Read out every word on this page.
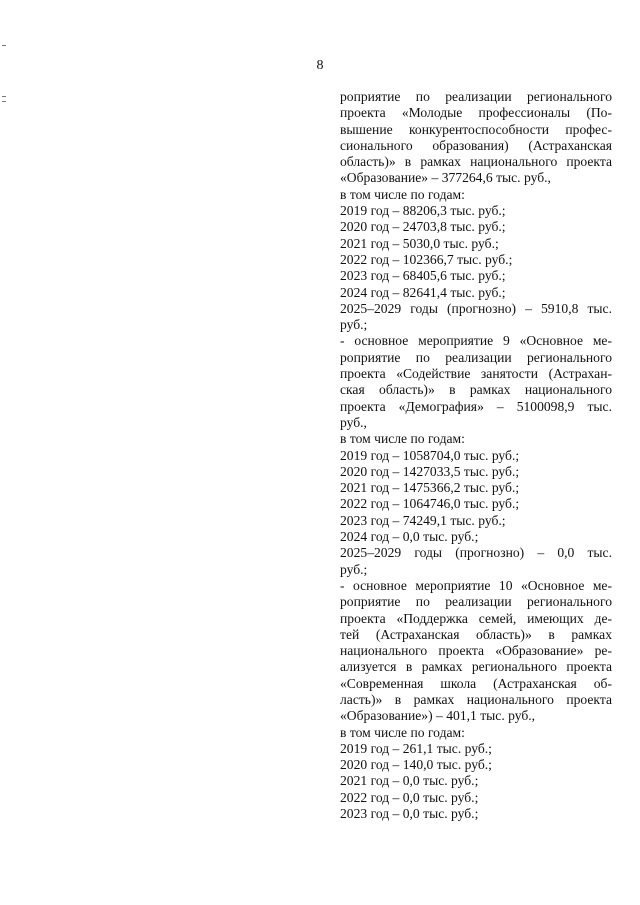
8
роприятие по реализации регионального
проекта «Молодые профессионалы (По-
вышение конкурентоспособности профес-
сионального образования) (Астраханская
область)» в рамках национального проекта
«Образование» – 377264,6 тыс. руб.,
в том числе по годам:
2019 год – 88206,3 тыс. руб.;
2020 год – 24703,8 тыс. руб.;
2021 год – 5030,0 тыс. руб.;
2022 год – 102366,7 тыс. руб.;
2023 год – 68405,6 тыс. руб.;
2024 год – 82641,4 тыс. руб.;
2025–2029 годы (прогнозно) – 5910,8 тыс.
руб.;
- основное мероприятие 9 «Основное ме-
роприятие по реализации регионального
проекта «Содействие занятости (Астрахан-
ская область)» в рамках национального
проекта «Демография» – 5100098,9 тыс.
руб.,
в том числе по годам:
2019 год – 1058704,0 тыс. руб.;
2020 год – 1427033,5 тыс. руб.;
2021 год – 1475366,2 тыс. руб.;
2022 год – 1064746,0 тыс. руб.;
2023 год – 74249,1 тыс. руб.;
2024 год – 0,0 тыс. руб.;
2025–2029 годы (прогнозно) – 0,0 тыс.
руб.;
- основное мероприятие 10 «Основное ме-
роприятие по реализации регионального
проекта «Поддержка семей, имеющих де-
тей (Астраханская область)» в рамках
национального проекта «Образование» ре-
ализуется в рамках регионального проекта
«Современная школа (Астраханская об-
ласть)» в рамках национального проекта
«Образование») – 401,1 тыс. руб.,
в том числе по годам:
2019 год – 261,1 тыс. руб.;
2020 год – 140,0 тыс. руб.;
2021 год – 0,0 тыс. руб.;
2022 год – 0,0 тыс. руб.;
2023 год – 0,0 тыс. руб.;
